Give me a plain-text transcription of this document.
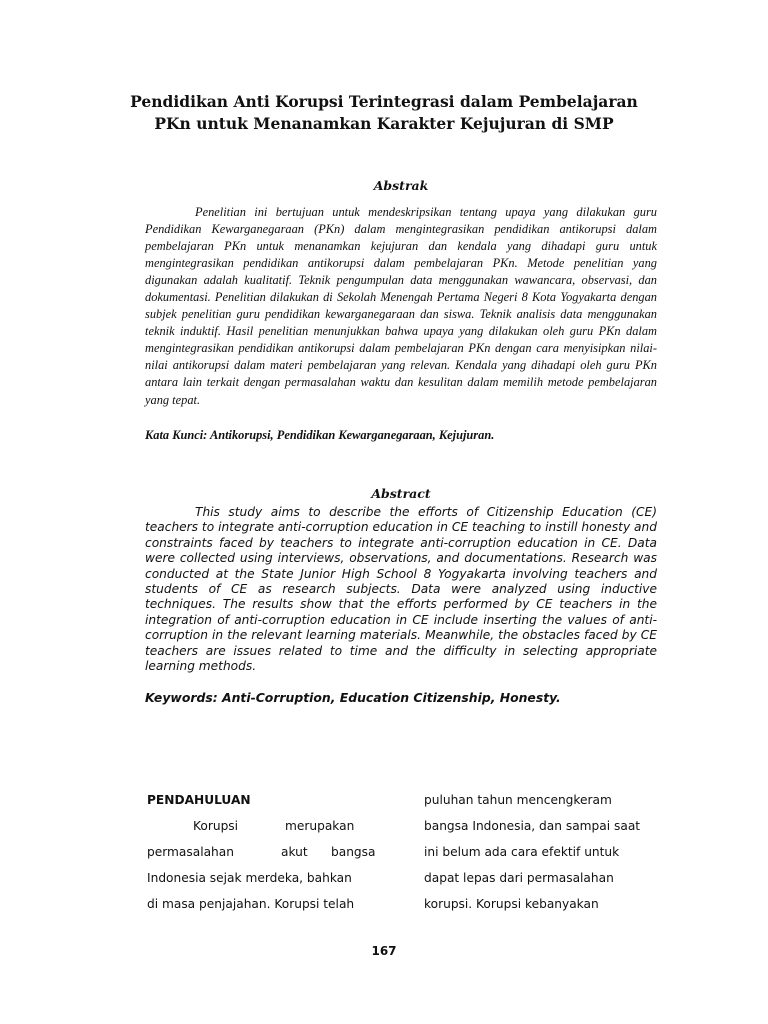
Pendidikan Anti Korupsi Terintegrasi dalam Pembelajaran
PKn untuk Menanamkan Karakter Kejujuran di SMP
Abstrak

Penelitian ini bertujuan untuk mendeskripsikan tentang upaya yang dilakukan guru Pendidikan Kewarganegaraan (PKn) dalam mengintegrasikan pendidikan antikorupsi dalam pembelajaran PKn untuk menanamkan kejujuran dan kendala yang dihadapi guru untuk mengintegrasikan pendidikan antikorupsi dalam pembelajaran PKn. Metode penelitian yang digunakan adalah kualitatif. Teknik pengumpulan data menggunakan wawancara, observasi, dan dokumentasi. Penelitian dilakukan di Sekolah Menengah Pertama Negeri 8 Kota Yogyakarta dengan subjek penelitian guru pendidikan kewarganegaraan dan siswa. Teknik analisis data menggunakan teknik induktif. Hasil penelitian menunjukkan bahwa upaya yang dilakukan oleh guru PKn dalam mengintegrasikan pendidikan antikorupsi dalam pembelajaran PKn dengan cara menyisipkan nilai-nilai antikorupsi dalam materi pembelajaran yang relevan. Kendala yang dihadapi oleh guru PKn antara lain terkait dengan permasalahan waktu dan kesulitan dalam memilih metode pembelajaran yang tepat.

Kata Kunci: Antikorupsi, Pendidikan Kewarganegaraan, Kejujuran.
Abstract

This study aims to describe the efforts of Citizenship Education (CE) teachers to integrate anti-corruption education in CE teaching to instill honesty and constraints faced by teachers to integrate anti-corruption education in CE. Data were collected using interviews, observations, and documentations. Research was conducted at the State Junior High School 8 Yogyakarta involving teachers and students of CE as research subjects. Data were analyzed using inductive techniques. The results show that the efforts performed by CE teachers in the integration of anti-corruption education in CE include inserting the values of anti-corruption in the relevant learning materials. Meanwhile, the obstacles faced by CE teachers are issues related to time and the difficulty in selecting appropriate learning methods.

Keywords: Anti-Corruption, Education Citizenship, Honesty.
PENDAHULUAN
Korupsi	merupakan
permasalahan	akut bangsa
Indonesia sejak merdeka, bahkan
di masa penjajahan. Korupsi telah
puluhan tahun mencengkeram
bangsa Indonesia, dan sampai saat
ini belum ada cara efektif untuk
dapat lepas dari permasalahan
korupsi. Korupsi kebanyakan
167
